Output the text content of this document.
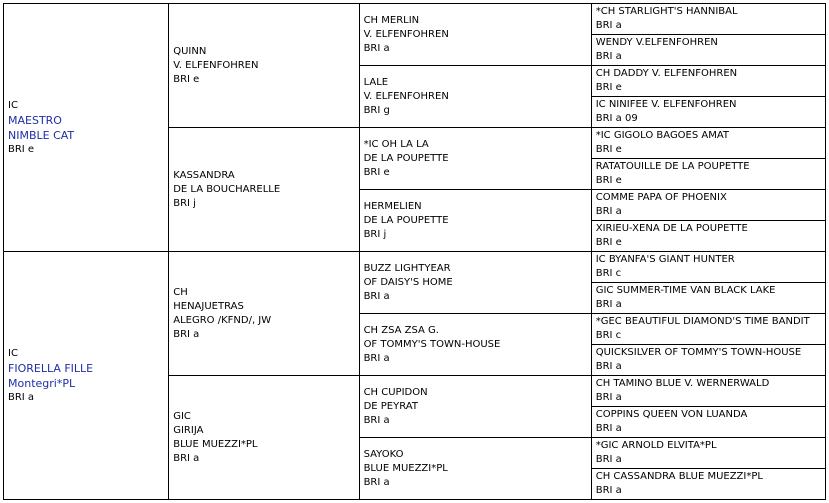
IC
MAESTRO
NIMBLE CAT
BRI e	QUINN
V. ELFENFOHREN
BRI e	CH MERLIN
V. ELFENFOHREN
BRI a	*CH STARLIGHT'S HANNIBAL
BRI a

			WENDY V.ELFENFOHREN
BRI a

		LALE
V. ELFENFOHREN
BRI g	CH DADDY V. ELFENFOHREN
BRI e

			IC NINIFEE V. ELFENFOHREN
BRI a 09

	KASSANDRA
DE LA BOUCHARELLE
BRI j	*IC OH LA LA
DE LA POUPETTE
BRI e	*IC GIGOLO BAGOES AMAT
BRI e

			RATATOUILLE DE LA POUPETTE
BRI e

		HERMELIEN
DE LA POUPETTE
BRI j	COMME PAPA OF PHOENIX
BRI a

			XIRIEU-XENA DE LA POUPETTE
BRI e

IC
FIORELLA FILLE
Montegri*PL
BRI a	CH
HENAJUETRAS
ALEGRO /KFND/, JW
BRI a	BUZZ LIGHTYEAR
OF DAISY'S HOME
BRI a	IC BYANFA'S GIANT HUNTER
BRI c

			GIC SUMMER-TIME VAN BLACK LAKE
BRI a

		CH ZSA ZSA G.
OF TOMMY'S TOWN-HOUSE
BRI a	*GEC BEAUTIFUL DIAMOND'S TIME BANDIT
BRI c

			QUICKSILVER OF TOMMY'S TOWN-HOUSE
BRI a

	GIC
GIRIJA
BLUE MUEZZI*PL
BRI a	CH CUPIDON
DE PEYRAT
BRI a	CH TAMINO BLUE V. WERNERWALD
BRI a

			COPPINS QUEEN VON LUANDA
BRI a

		SAYOKO
BLUE MUEZZI*PL
BRI a	*GIC ARNOLD ELVITA*PL
BRI a

			CH CASSANDRA BLUE MUEZZI*PL
BRI a
